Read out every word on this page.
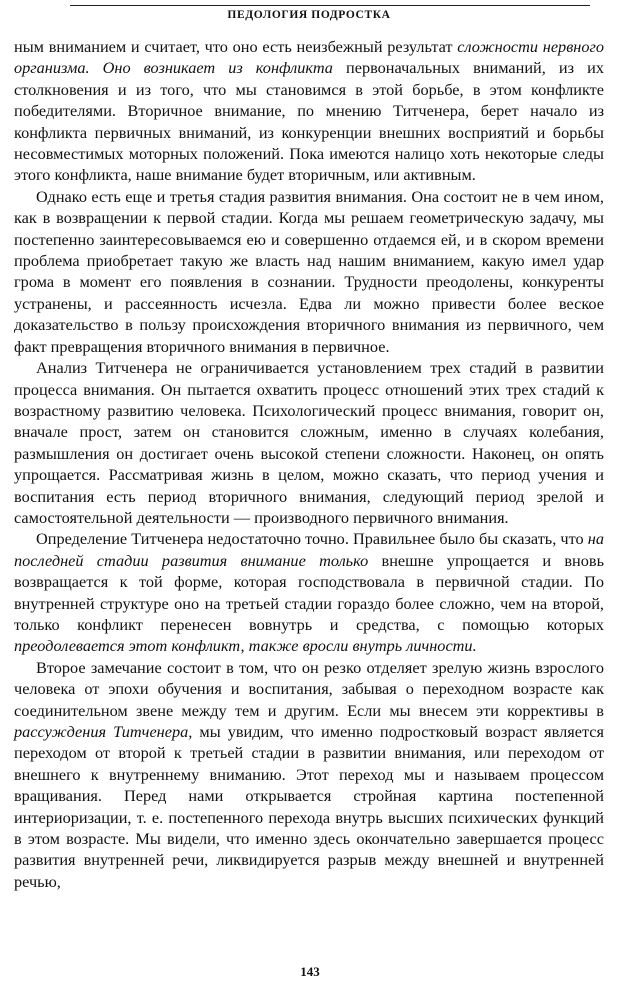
ПЕДОЛОГИЯ ПОДРОСТКА

ным вниманием и считает, что оно есть неизбежный результат сложности нервного организма. Оно возникает из конфликта первоначальных вниманий, из их столкновения и из того, что мы становимся в этой борьбе, в этом конфликте победителями. Вторичное внимание, по мнению Титченера, берет начало из конфликта первичных вниманий, из конкуренции внешних восприятий и борьбы несовместимых моторных положений. Пока имеются налицо хоть некоторые следы этого конфликта, наше внимание будет вторичным, или активным.

Однако есть еще и третья стадия развития внимания. Она состоит не в чем ином, как в возвращении к первой стадии. Когда мы решаем геометрическую задачу, мы постепенно заинтересовываемся ею и совершенно отдаемся ей, и в скором времени проблема приобретает такую же власть над нашим вниманием, какую имел удар грома в момент его появления в сознании. Трудности преодолены, конкуренты устранены, и рассеянность исчезла. Едва ли можно привести более веское доказательство в пользу происхождения вторичного внимания из первичного, чем факт превращения вторичного внимания в первичное.

Анализ Титченера не ограничивается установлением трех стадий в развитии процесса внимания. Он пытается охватить процесс отношений этих трех стадий к возрастному развитию человека. Психологический процесс внимания, говорит он, вначале прост, затем он становится сложным, именно в случаях колебания, размышления он достигает очень высокой степени сложности. Наконец, он опять упрощается. Рассматривая жизнь в целом, можно сказать, что период учения и воспитания есть период вторичного внимания, следующий период зрелой и самостоятельной деятельности — производного первичного внимания.

Определение Титченера недостаточно точно. Правильнее было бы сказать, что на последней стадии развития внимание только внешне упрощается и вновь возвращается к той форме, которая господствовала в первичной стадии. По внутренней структуре оно на третьей стадии гораздо более сложно, чем на второй, только конфликт перенесен вовнутрь и средства, с помощью которых преодолевается этот конфликт, также вросли внутрь личности.

Второе замечание состоит в том, что он резко отделяет зрелую жизнь взрослого человека от эпохи обучения и воспитания, забывая о переходном возрасте как соединительном звене между тем и другим. Если мы внесем эти коррективы в рассуждения Титченера, мы увидим, что именно подростковый возраст является переходом от второй к третьей стадии в развитии внимания, или переходом от внешнего к внутреннему вниманию. Этот переход мы и называем процессом вращивания. Перед нами открывается стройная картина постепенной интериоризации, т. е. постепенного перехода внутрь высших психических функций в этом возрасте. Мы видели, что именно здесь окончательно завершается процесс развития внутренней речи, ликвидируется разрыв между внешней и внутренней речью,

143
